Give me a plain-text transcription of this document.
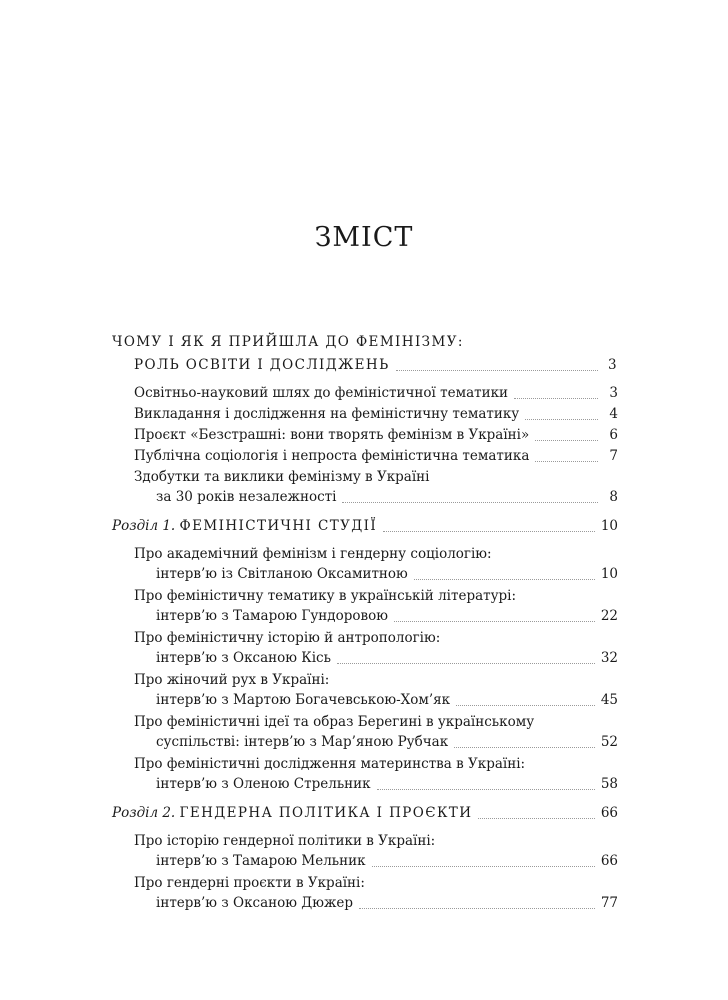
ЗМІСТ
ЧОМУ І ЯК Я ПРИЙШЛА ДО ФЕМІНІЗМУ:
РОЛЬ ОСВІТИ І ДОСЛІДЖЕНЬ	3
Освітньо-науковий шлях до феміністичної тематики	3
Викладання і дослідження на феміністичну тематику	4
Проєкт «Безстрашні: вони творять фемінізм в Україні»	6
Публічна соціологія і непроста феміністична тематика	7
Здобутки та виклики фемінізму в Україні
за 30 років незалежності	8
Розділ 1. ФЕМІНІСТИЧНІ СТУДІЇ	10
Про академічний фемінізм і гендерну соціологію:
інтерв’ю із Світланою Оксамитною	10
Про феміністичну тематику в українській літературі:
інтерв’ю з Тамарою Гундоровою	22
Про феміністичну історію й антропологію:
інтерв’ю з Оксаною Кісь	32
Про жіночий рух в Україні:
інтерв’ю з Мартою Богачевською-Хом’як	45
Про феміністичні ідеї та образ Берегині в українському
суспільстві: інтерв’ю з Мар’яною Рубчак	52
Про феміністичні дослідження материнства в Україні:
інтерв’ю з Оленою Стрельник	58
Розділ 2. ГЕНДЕРНА ПОЛІТИКА І ПРОЄКТИ	66
Про історію гендерної політики в Україні:
інтерв’ю з Тамарою Мельник	66
Про гендерні проєкти в Україні:
інтерв’ю з Оксаною Дюжер	77
